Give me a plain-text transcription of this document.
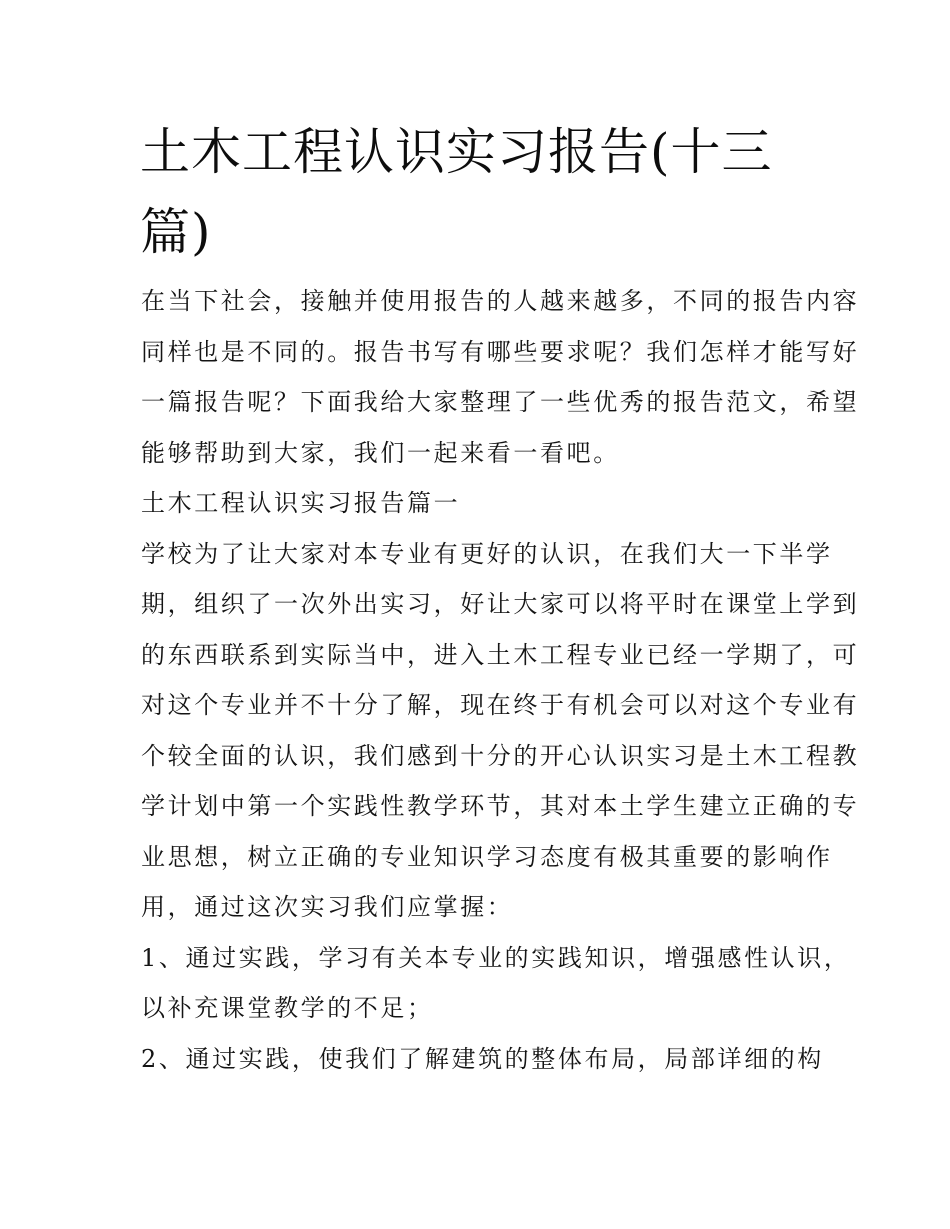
土木工程认识实习报告(十三
篇)
在当下社会，接触并使用报告的人越来越多，不同的报告内容
同样也是不同的。报告书写有哪些要求呢？我们怎样才能写好
一篇报告呢？下面我给大家整理了一些优秀的报告范文，希望
能够帮助到大家，我们一起来看一看吧。
土木工程认识实习报告篇一
学校为了让大家对本专业有更好的认识，在我们大一下半学
期，组织了一次外出实习，好让大家可以将平时在课堂上学到
的东西联系到实际当中，进入土木工程专业已经一学期了，可
对这个专业并不十分了解，现在终于有机会可以对这个专业有
个较全面的认识，我们感到十分的开心认识实习是土木工程教
学计划中第一个实践性教学环节，其对本土学生建立正确的专
业思想，树立正确的专业知识学习态度有极其重要的影响作
用，通过这次实习我们应掌握：
1、通过实践，学习有关本专业的实践知识，增强感性认识，
以补充课堂教学的不足；
2、通过实践，使我们了解建筑的整体布局，局部详细的构
